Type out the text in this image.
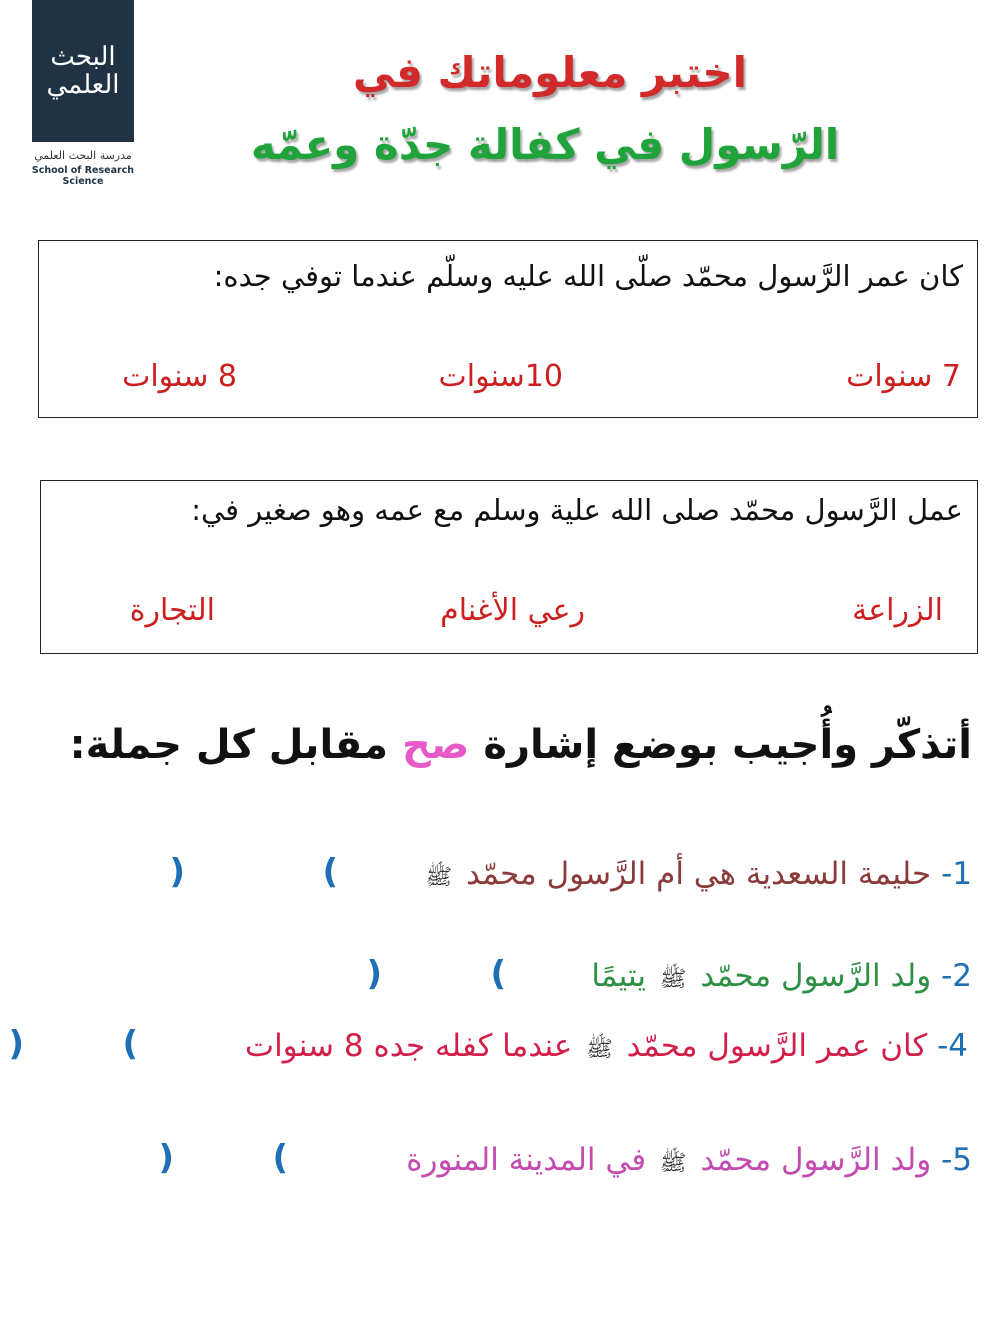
البحث العلمي
مدرسة البحث العلمي
School of Research Science
اختبر معلوماتك في
الرّسول في كفالة جدّة وعمّه
كان عمر الرَّسول محمّد صلّى الله عليه وسلّم عندما توفي جده:
7 سنوات
10سنوات
8 سنوات
عمل الرَّسول محمّد صلى الله علية وسلم مع عمه وهو صغير في:
الزراعة
رعي الأغنام
التجارة
أتذكّر وأُجيب بوضع إشارة صح مقابل كل جملة:
1- حليمة السعدية هي أم الرَّسول محمّد ﷺ
(
)
2- ولد الرَّسول محمّد ﷺ يتيمًا
(
)
4- كان عمر الرَّسول محمّد ﷺ عندما كفله جده 8 سنوات
(
)
5- ولد الرَّسول محمّد ﷺ في المدينة المنورة
(
)
